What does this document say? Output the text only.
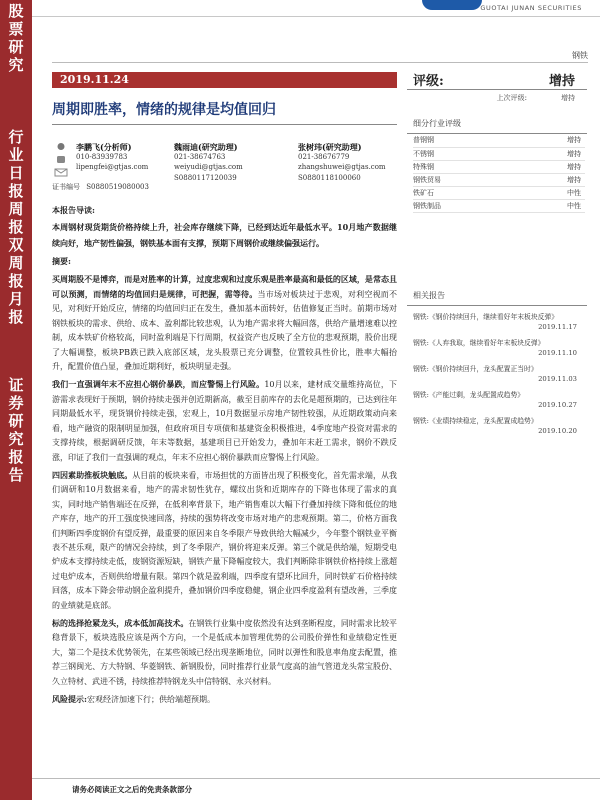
股
票
研
究
行
业
日
报
周
报
双
周
报
月
报
证
券
研
究
报
告
GUOTAI JUNAN SECURITIES
钢铁
2019.11.24
周期即胜率，情绪的规律是均值回归
李鹏飞(分析师)
010-83939783
lipengfei@gtjas.com
证书编号 S0880519080003
魏雨迪(研究助理)
021-38674763
weiyudi@gtjas.com
S0880117120039
张树玮(研究助理)
021-38676779
zhangshuwei@gtjas.com
S0880118100060

本报告导读:

本周钢材现货期货价格持续上升，社会库存继续下降，已经到达近年最低水平。10月地产数据继续向好，地产韧性偏强，钢铁基本面有支撑，预期下周钢价或继续偏强运行。

摘要:

买周期股不是博弈，而是对胜率的计算，过度悲观和过度乐观是胜率最高和最低的区域，是常态且可以预测，而情绪的均值回归是规律，可把握，需等待。当市场对板块过于悲观，对利空视而不见，对利好开始反应，情绪的均值回归正在发生，叠加基本面转好，估值修复正当时。前期市场对钢铁板块的需求、供给、成本、盈利都比较悲观，认为地产需求将大幅回落，供给产量增速难以控制，成本铁矿价格较高，同时盈利端是下行周期，权益资产也反映了全方位的悲观预期，股价出现了大幅调整，板块PB跌已跌入底部区域，龙头股票已充分调整，位置较具性价比，胜率大幅抬升，配置价值凸显，叠加近期利好，板块明显走强。

我们一直强调年末不应担心钢价暴跌，而应警惕上行风险。10月以来，建材成交量维持高位，下游需求表现好于预期，钢价持续走强并创近期新高，截至目前库存的去化是超预期的，已达到往年同期最低水平，现货钢价持续走强，宏观上，10月数据显示房地产韧性较强，从近期政策动向来看，地产融资的限制明显加强，但政府项目专项债和基建资金积极推进，4季度地产投资对需求的支撑持续，根据调研反馈，年末等数据，基建项目已开始发力，叠加年末赶工需求，钢价不跌反涨，印证了我们一直强调的观点，年末不应担心钢价暴跌而应警惕上行风险。

四因素助推板块触底。从目前的板块来看，市场担忧的方面皆出现了积极变化，首先需求端，从我们调研和10月数据来看，地产的需求韧性犹存，螺纹出货和近期库存的下降也体现了需求的真实，同时地产销售端还在反弹，在低利率背景下，地产销售难以大幅下行叠加持续下降和低位的地产库存，地产的开工强度快速回落，持续的强势将改变市场对地产的悲观预期。第二，价格方面我们判断四季度钢价有望反弹，最重要的原因来自冬季限产导致供给大幅减少，今年整个钢铁业平衡表不甚乐观，限产的情况会持续，到了冬季限产，钢价将迎来反弹。第三个就是供给端，短期受电炉成本支撑持续走低，废钢资源短缺，钢铁产量下降幅度较大，我们判断除非钢铁价格持续上涨超过电炉成本，否则供给增量有限。第四个就是盈利端，四季度有望环比回升，同时铁矿石价格持续回落，成本下降会带动钢企盈利提升，叠加钢价四季度稳健，钢企业四季度盈利有望改善，三季度的业绩就是底部。

标的选择抢紧龙头，成本低加高技术。在钢铁行业集中度依然没有达到垄断程度，同时需求比较平稳背景下，板块选股应该是两个方向，一个是低成本加管理优势的公司股价弹性和业绩稳定性更大，第二个是技术优势领先，在某些领域已经出现垄断地位，同时以弹性和股息率角度去配置，推荐三钢闽光、方大特钢、华菱钢铁、新钢股份，同时推荐行业景气度高的油气管道龙头常宝股份、久立特材、武进不锈，持续推荐特钢龙头中信特钢、永兴材料。

风险提示:宏观经济加速下行；供给端超预期。

评级:	增持
上次评级:	增持
细分行业评级
普钢钢	增持
不锈钢	增持
特殊钢	增持
钢铁贸易	增持
铁矿石	中性
钢铁制品	中性
相关报告
钢铁:《钢价持续回升，继续看好年末板块反弹》
2019.11.17
钢铁:《人弃我取，继续看好年末板块反弹》
2019.11.10
钢铁:《钢价持续回升，龙头配置正当时》
2019.11.03
钢铁:《产能过剩，龙头配置成趋势》
2019.10.27
钢铁:《业绩持续稳定，龙头配置成趋势》
2019.10.20
请务必阅读正文之后的免责条款部分
